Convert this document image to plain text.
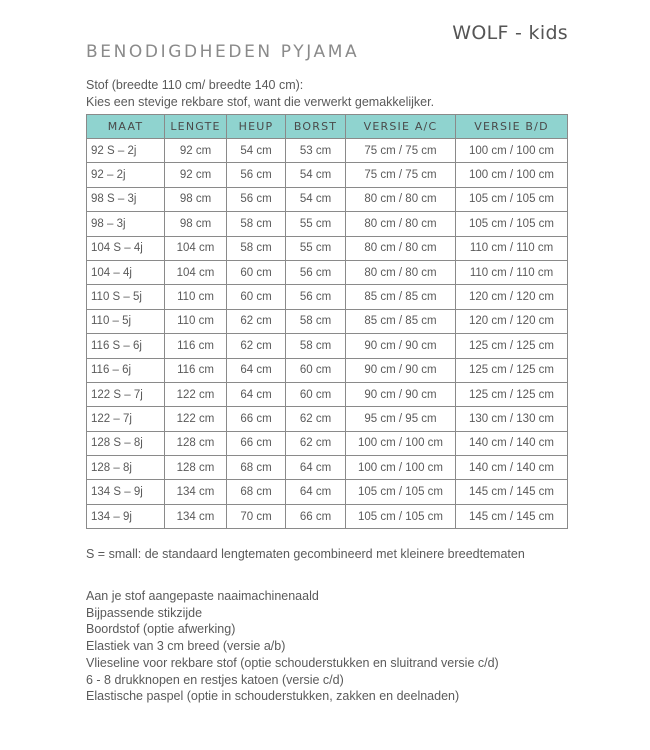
WOLF - kids
BENODIGDHEDEN PYJAMA
Stof (breedte 110 cm/ breedte 140 cm):
Kies een stevige rekbare stof, want die verwerkt gemakkelijker.
MAAT	LENGTE	HEUP	BORST	VERSIE A/C	VERSIE B/D
92 S – 2j	92 cm	54 cm	53 cm	75 cm / 75 cm	100 cm / 100 cm
92 – 2j	92 cm	56 cm	54 cm	75 cm / 75 cm	100 cm / 100 cm
98 S – 3j	98 cm	56 cm	54 cm	80 cm / 80 cm	105 cm / 105 cm
98 – 3j	98 cm	58 cm	55 cm	80 cm / 80 cm	105 cm / 105 cm
104 S – 4j	104 cm	58 cm	55 cm	80 cm / 80 cm	110 cm / 110 cm
104 – 4j	104 cm	60 cm	56 cm	80 cm / 80 cm	110 cm / 110 cm
110 S – 5j	110 cm	60 cm	56 cm	85 cm / 85 cm	120 cm / 120 cm
110 – 5j	110 cm	62 cm	58 cm	85 cm / 85 cm	120 cm / 120 cm
116 S – 6j	116 cm	62 cm	58 cm	90 cm / 90 cm	125 cm / 125 cm
116 – 6j	116 cm	64 cm	60 cm	90 cm / 90 cm	125 cm / 125 cm
122 S – 7j	122 cm	64 cm	60 cm	90 cm / 90 cm	125 cm / 125 cm
122 – 7j	122 cm	66 cm	62 cm	95 cm / 95 cm	130 cm / 130 cm
128 S – 8j	128 cm	66 cm	62 cm	100 cm / 100 cm	140 cm / 140 cm
128 – 8j	128 cm	68 cm	64 cm	100 cm / 100 cm	140 cm / 140 cm
134 S – 9j	134 cm	68 cm	64 cm	105 cm / 105 cm	145 cm / 145 cm
134 – 9j	134 cm	70 cm	66 cm	105 cm / 105 cm	145 cm / 145 cm
S = small: de standaard lengtematen gecombineerd met kleinere breedtematen
Aan je stof aangepaste naaimachinenaald
Bijpassende stikzijde
Boordstof (optie afwerking)
Elastiek van 3 cm breed (versie a/b)
Vlieseline voor rekbare stof (optie schouderstukken en sluitrand versie c/d)
6 - 8 drukknopen en restjes katoen (versie c/d)
Elastische paspel (optie in schouderstukken, zakken en deelnaden)
